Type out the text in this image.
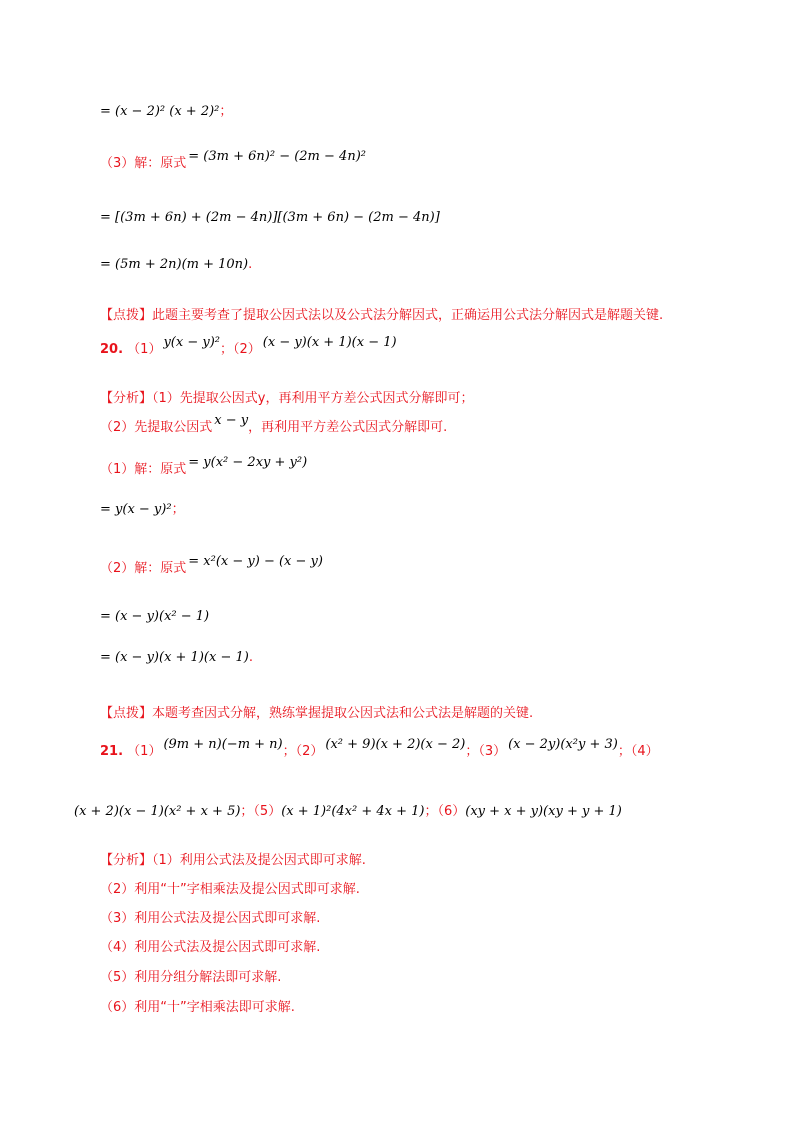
= (x − 2)² (x + 2)²；
（3）解：原式 = (3m + 6n)² − (2m − 4n)²
= [(3m + 6n) + (2m − 4n)][(3m + 6n) − (2m − 4n)]
= (5m + 2n)(m + 10n).
【点拨】此题主要考查了提取公因式法以及公式法分解因式，正确运用公式法分解因式是解题关键.
20. （1） y(x − y)²；（2） (x − y)(x + 1)(x − 1)
【分析】（1）先提取公因式y，再利用平方差公式因式分解即可；
（2）先提取公因式 x − y，再利用平方差公式因式分解即可.
（1）解：原式 = y(x² − 2xy + y²)
= y(x − y)²；
（2）解：原式 = x²(x − y) − (x − y)
= (x − y)(x² − 1)
= (x − y)(x + 1)(x − 1).
【点拨】本题考查因式分解，熟练掌握提取公因式法和公式法是解题的关键.
21. （1） (9m + n)(−m + n)；（2） (x² + 9)(x + 2)(x − 2)；（3） (x − 2y)(x²y + 3)；（4）
(x + 2)(x − 1)(x² + x + 5)；（5）(x + 1)²(4x² + 4x + 1)；（6）(xy + x + y)(xy + y + 1)
【分析】（1）利用公式法及提公因式即可求解.
（2）利用“十”字相乘法及提公因式即可求解.
（3）利用公式法及提公因式即可求解.
（4）利用公式法及提公因式即可求解.
（5）利用分组分解法即可求解.
（6）利用“十”字相乘法即可求解.
